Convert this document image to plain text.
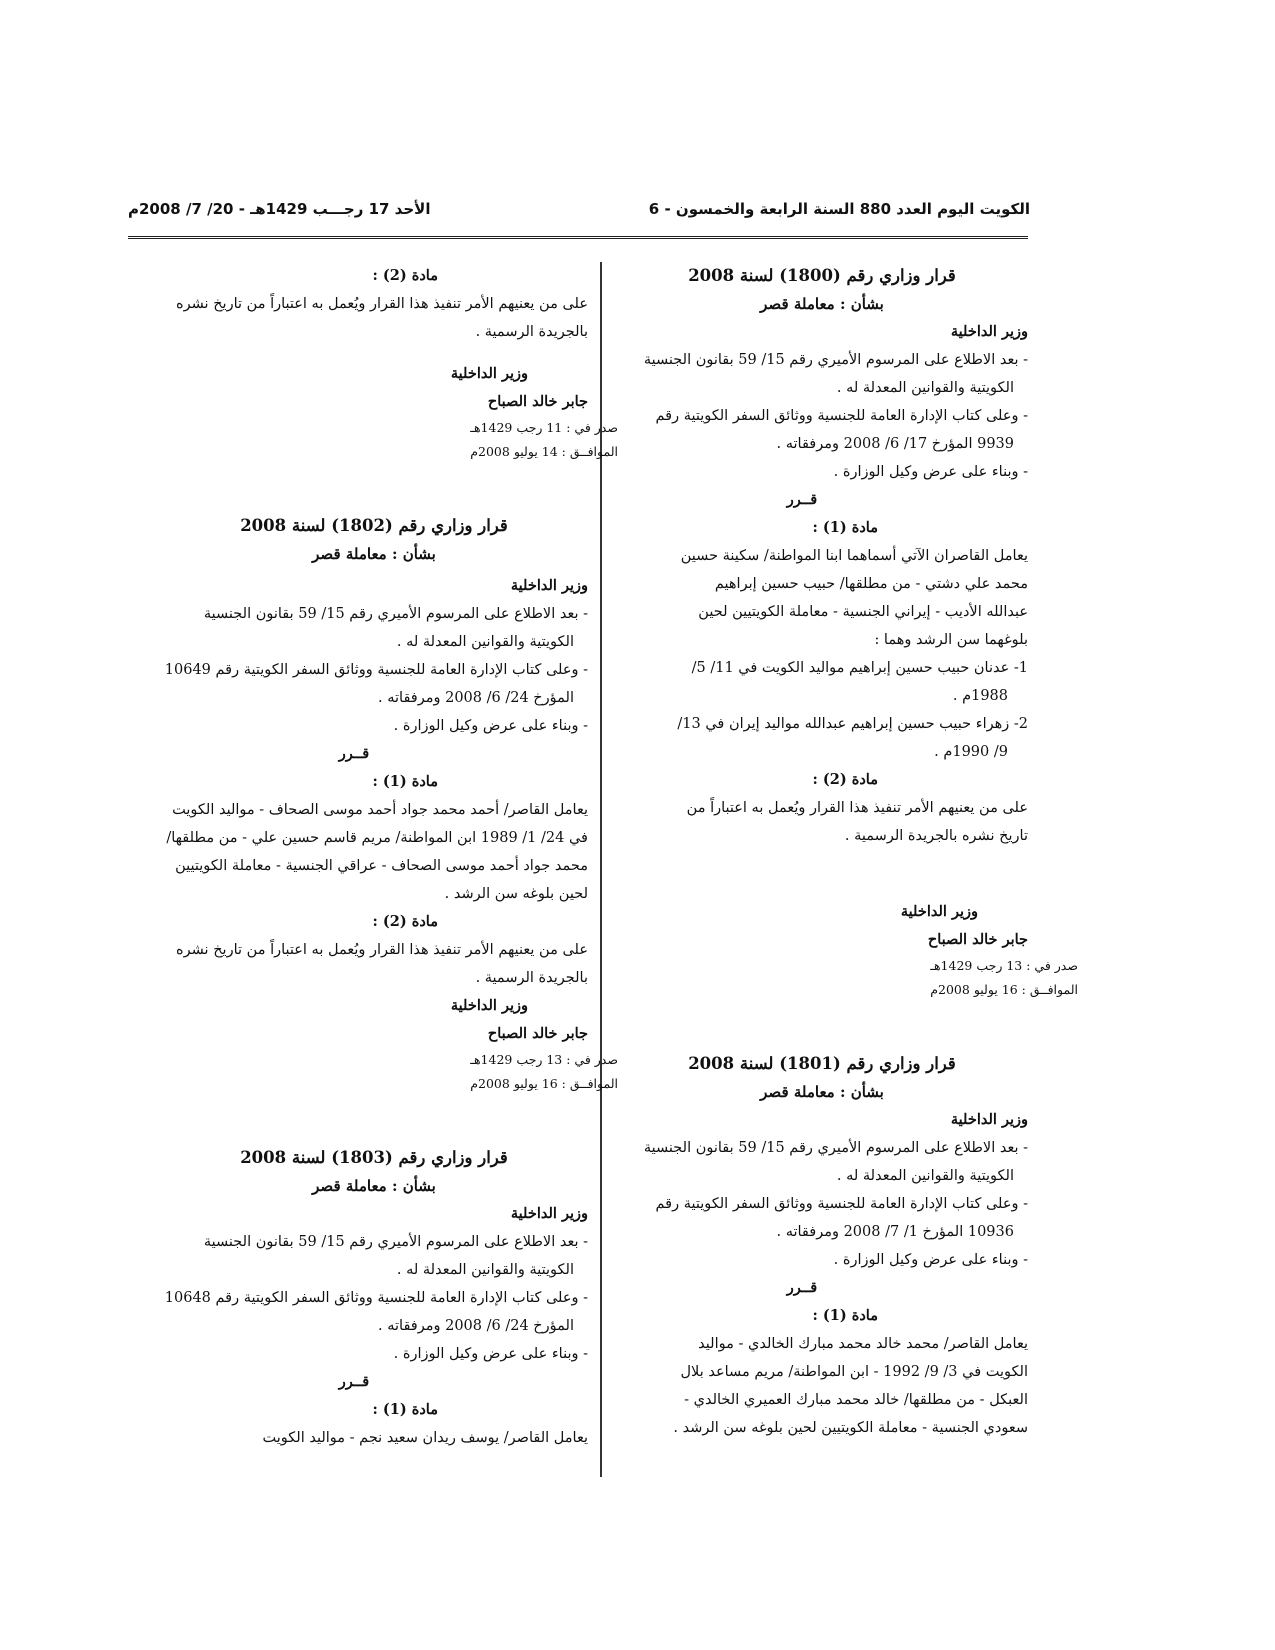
الكويت اليوم العدد 880 السنة الرابعة والخمسون - 6
الأحد 17 رجـــب 1429هـ - 20/ 7/ 2008م

قرار وزاري رقم (1800) لسنة 2008

بشأن : معاملة قصر

وزير الداخلية

- بعد الاطلاع على المرسوم الأميري رقم 15/ 59 بقانون الجنسية الكويتية والقوانين المعدلة له .

- وعلى كتاب الإدارة العامة للجنسية ووثائق السفر الكويتية رقم 9939 المؤرخ 17/ 6/ 2008 ومرفقاته .

- وبناء على عرض وكيل الوزارة .

قــرر

مادة (1) :

يعامل القاصران الآتي أسماهما ابنا المواطنة/ سكينة حسين محمد علي دشتي - من مطلقها/ حبيب حسين إبراهيم عبدالله الأديب - إيراني الجنسية - معاملة الكويتيين لحين بلوغهما سن الرشد وهما :

1- عدنان حبيب حسين إبراهيم مواليد الكويت في 11/ 5/ 1988م .

2- زهراء حبيب حسين إبراهيم عبدالله مواليد إيران في 13/ 9/ 1990م .

مادة (2) :

على من يعنيهم الأمر تنفيذ هذا القرار ويُعمل به اعتباراً من تاريخ نشره بالجريدة الرسمية .

وزير الداخلية

جابر خالد الصباح

صدر في : 13 رجب 1429هـ

الموافــق : 16 يوليو 2008م

قرار وزاري رقم (1801) لسنة 2008

بشأن : معاملة قصر

وزير الداخلية

- بعد الاطلاع على المرسوم الأميري رقم 15/ 59 بقانون الجنسية الكويتية والقوانين المعدلة له .

- وعلى كتاب الإدارة العامة للجنسية ووثائق السفر الكويتية رقم 10936 المؤرخ 1/ 7/ 2008 ومرفقاته .

- وبناء على عرض وكيل الوزارة .

قــرر

مادة (1) :

يعامل القاصر/ محمد خالد محمد مبارك الخالدي - مواليد الكويت في 3/ 9/ 1992 - ابن المواطنة/ مريم مساعد بلال العبكل - من مطلقها/ خالد محمد مبارك العميري الخالدي - سعودي الجنسية - معاملة الكويتيين لحين بلوغه سن الرشد .

مادة (2) :

على من يعنيهم الأمر تنفيذ هذا القرار ويُعمل به اعتباراً من تاريخ نشره بالجريدة الرسمية .

وزير الداخلية

جابر خالد الصباح

صدر في : 11 رجب 1429هـ

الموافــق : 14 يوليو 2008م

قرار وزاري رقم (1802) لسنة 2008

بشأن : معاملة قصر

وزير الداخلية

- بعد الاطلاع على المرسوم الأميري رقم 15/ 59 بقانون الجنسية الكويتية والقوانين المعدلة له .

- وعلى كتاب الإدارة العامة للجنسية ووثائق السفر الكويتية رقم 10649 المؤرخ 24/ 6/ 2008 ومرفقاته .

- وبناء على عرض وكيل الوزارة .

قــرر

مادة (1) :

يعامل القاصر/ أحمد محمد جواد أحمد موسى الصحاف - مواليد الكويت في 24/ 1/ 1989 ابن المواطنة/ مريم قاسم حسين علي - من مطلقها/ محمد جواد أحمد موسى الصحاف - عراقي الجنسية - معاملة الكويتيين لحين بلوغه سن الرشد .

مادة (2) :

على من يعنيهم الأمر تنفيذ هذا القرار ويُعمل به اعتباراً من تاريخ نشره بالجريدة الرسمية .

وزير الداخلية

جابر خالد الصباح

صدر في : 13 رجب 1429هـ

الموافــق : 16 يوليو 2008م

قرار وزاري رقم (1803) لسنة 2008

بشأن : معاملة قصر

وزير الداخلية

- بعد الاطلاع على المرسوم الأميري رقم 15/ 59 بقانون الجنسية الكويتية والقوانين المعدلة له .

- وعلى كتاب الإدارة العامة للجنسية ووثائق السفر الكويتية رقم 10648 المؤرخ 24/ 6/ 2008 ومرفقاته .

- وبناء على عرض وكيل الوزارة .

قــرر

مادة (1) :

يعامل القاصر/ يوسف ريدان سعيد نجم - مواليد الكويت
